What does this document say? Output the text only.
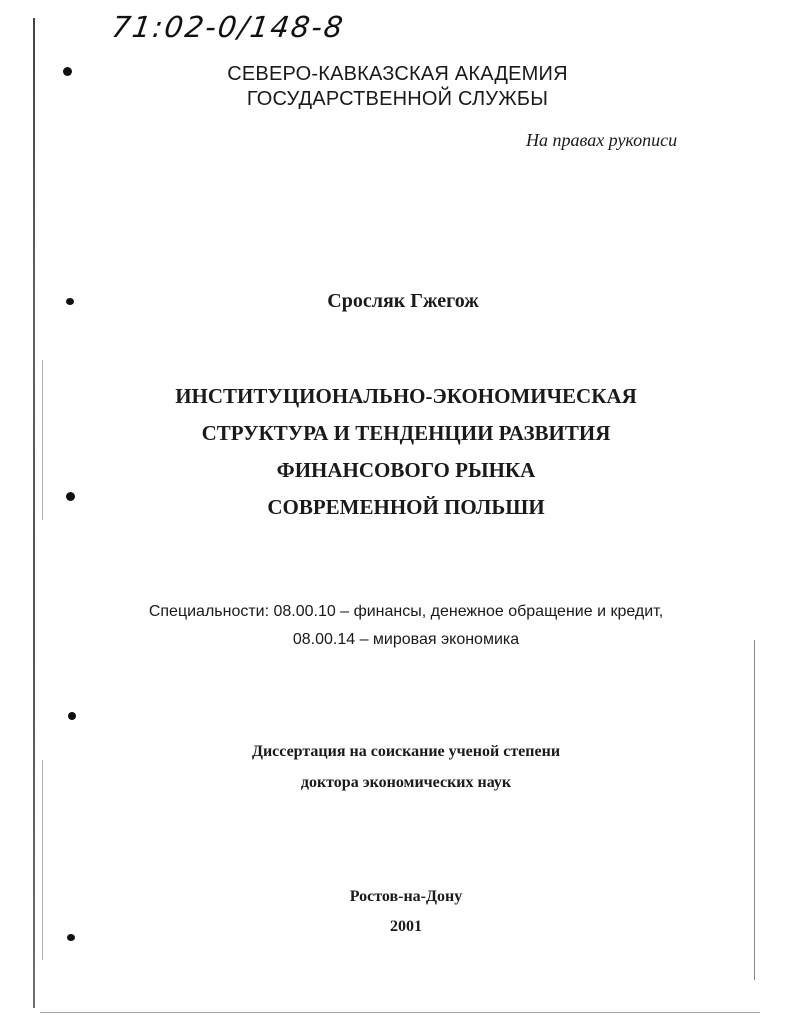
71:02-0/148-8
СЕВЕРО-КАВКАЗСКАЯ АКАДЕМИЯ
ГОСУДАРСТВЕННОЙ СЛУЖБЫ
На правах рукописи
Сросляк Гжегож
ИНСТИТУЦИОНАЛЬНО-ЭКОНОМИЧЕСКАЯ
СТРУКТУРА И ТЕНДЕНЦИИ РАЗВИТИЯ
ФИНАНСОВОГО РЫНКА
СОВРЕМЕННОЙ ПОЛЬШИ
Специальности: 08.00.10 – финансы, денежное обращение и кредит,
08.00.14 – мировая экономика
Диссертация на соискание ученой степени
доктора экономических наук
Ростов-на-Дону
2001
